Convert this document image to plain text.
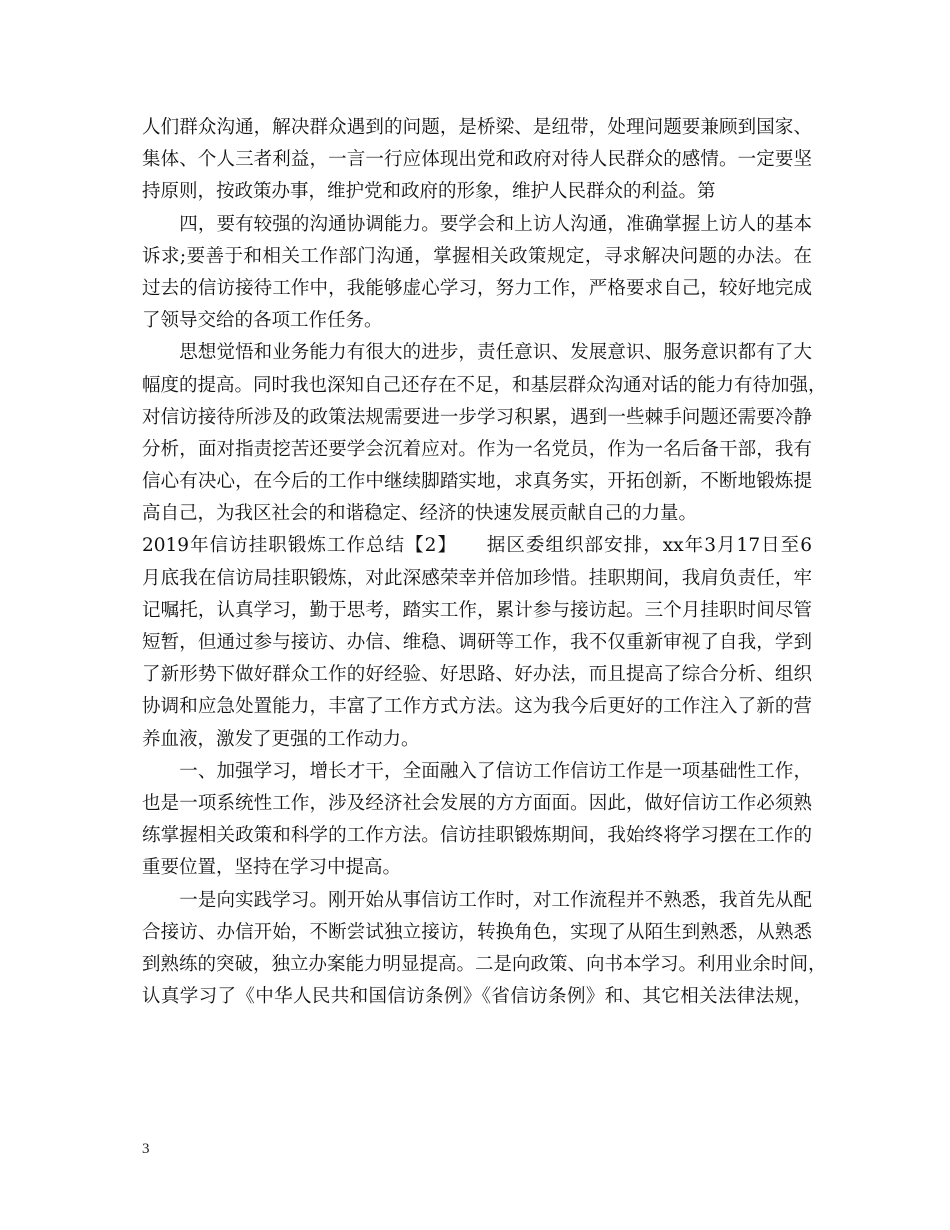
人们群众沟通，解决群众遇到的问题，是桥梁、是纽带，处理问题要兼顾到国家、
集体、个人三者利益，一言一行应体现出党和政府对待人民群众的感情。一定要坚
持原则，按政策办事，维护党和政府的形象，维护人民群众的利益。第
　　四，要有较强的沟通协调能力。要学会和上访人沟通，准确掌握上访人的基本
诉求;要善于和相关工作部门沟通，掌握相关政策规定，寻求解决问题的办法。在
过去的信访接待工作中，我能够虚心学习，努力工作，严格要求自己，较好地完成
了领导交给的各项工作任务。
　　思想觉悟和业务能力有很大的进步，责任意识、发展意识、服务意识都有了大
幅度的提高。同时我也深知自己还存在不足，和基层群众沟通对话的能力有待加强，
对信访接待所涉及的政策法规需要进一步学习积累，遇到一些棘手问题还需要冷静
分析，面对指责挖苦还要学会沉着应对。作为一名党员，作为一名后备干部，我有
信心有决心，在今后的工作中继续脚踏实地，求真务实，开拓创新，不断地锻炼提
高自己，为我区社会的和谐稳定、经济的快速发展贡献自己的力量。
2019年信访挂职锻炼工作总结【2】　　据区委组织部安排，xx年3月17日至6
月底我在信访局挂职锻炼，对此深感荣幸并倍加珍惜。挂职期间，我肩负责任，牢
记嘱托，认真学习，勤于思考，踏实工作，累计参与接访起。三个月挂职时间尽管
短暂，但通过参与接访、办信、维稳、调研等工作，我不仅重新审视了自我，学到
了新形势下做好群众工作的好经验、好思路、好办法，而且提高了综合分析、组织
协调和应急处置能力，丰富了工作方式方法。这为我今后更好的工作注入了新的营
养血液，激发了更强的工作动力。
　　一、加强学习，增长才干，全面融入了信访工作信访工作是一项基础性工作，
也是一项系统性工作，涉及经济社会发展的方方面面。因此，做好信访工作必须熟
练掌握相关政策和科学的工作方法。信访挂职锻炼期间，我始终将学习摆在工作的
重要位置，坚持在学习中提高。
　　一是向实践学习。刚开始从事信访工作时，对工作流程并不熟悉，我首先从配
合接访、办信开始，不断尝试独立接访，转换角色，实现了从陌生到熟悉，从熟悉
到熟练的突破，独立办案能力明显提高。二是向政策、向书本学习。利用业余时间，
认真学习了《中华人民共和国信访条例》《省信访条例》和、其它相关法律法规，
3
